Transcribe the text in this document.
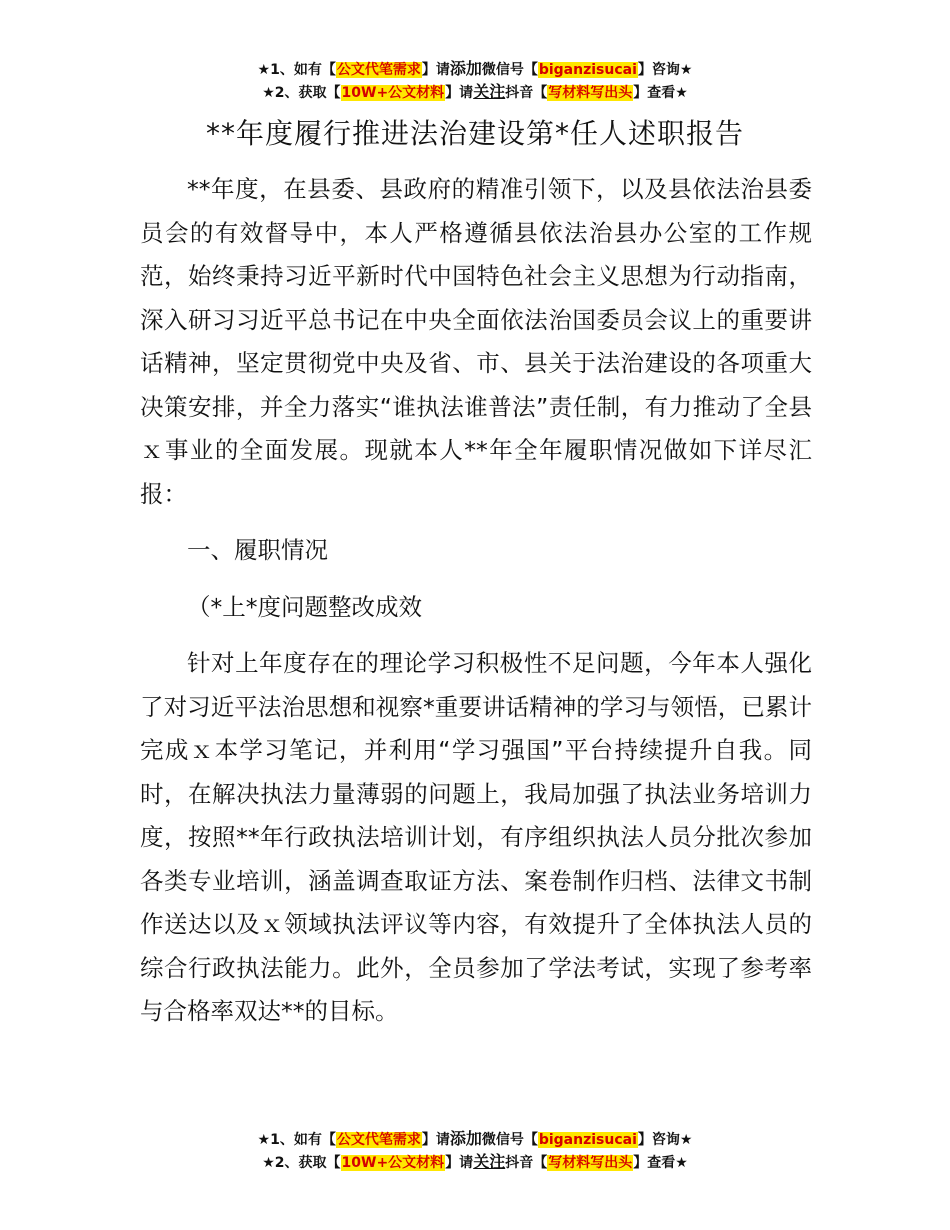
★1、如有【公文代笔需求】请添加微信号【biganzisucai】咨询★
★2、获取【10W+公文材料】请关注抖音【写材料写出头】查看★
**年度履行推进法治建设第*任人述职报告

**年度，在县委、县政府的精准引领下，以及县依法治县委员会的有效督导中，本人严格遵循县依法治县办公室的工作规范，始终秉持习近平新时代中国特色社会主义思想为行动指南，深入研习习近平总书记在中央全面依法治国委员会议上的重要讲话精神，坚定贯彻党中央及省、市、县关于法治建设的各项重大决策安排，并全力落实“谁执法谁普法”责任制，有力推动了全县ｘ事业的全面发展。现就本人**年全年履职情况做如下详尽汇报：

一、履职情况

（*上*度问题整改成效

针对上年度存在的理论学习积极性不足问题，今年本人强化了对习近平法治思想和视察*重要讲话精神的学习与领悟，已累计完成ｘ本学习笔记，并利用“学习强国”平台持续提升自我。同时，在解决执法力量薄弱的问题上，我局加强了执法业务培训力度，按照**年行政执法培训计划，有序组织执法人员分批次参加各类专业培训，涵盖调查取证方法、案卷制作归档、法律文书制作送达以及ｘ领域执法评议等内容，有效提升了全体执法人员的综合行政执法能力。此外，全员参加了学法考试，实现了参考率与合格率双达**的目标。

★1、如有【公文代笔需求】请添加微信号【biganzisucai】咨询★
★2、获取【10W+公文材料】请关注抖音【写材料写出头】查看★
